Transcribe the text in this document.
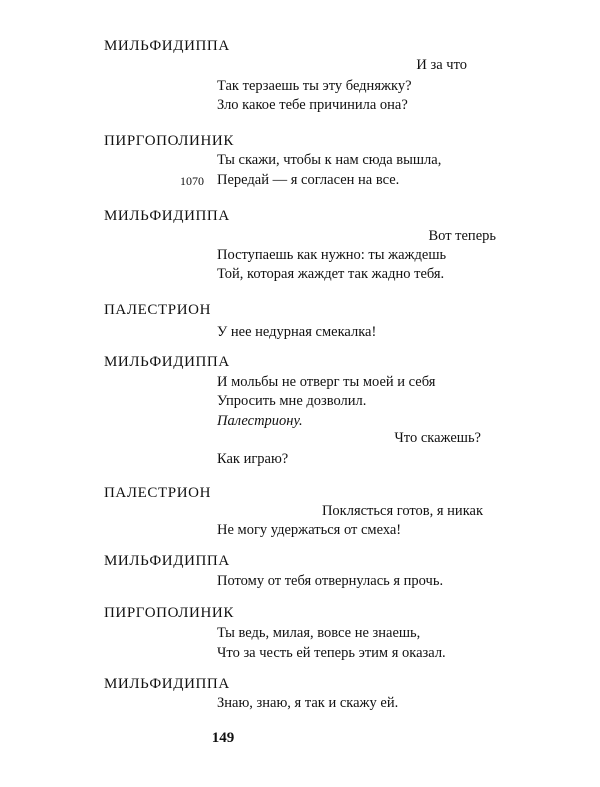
МИЛЬФИДИППА
И за что
Так терзаешь ты эту бедняжку?
Зло какое тебе причинила она?
ПИРГОПОЛИНИК
Ты скажи, чтобы к нам сюда вышла,
1070 Передай — я согласен на все.
МИЛЬФИДИППА
Вот теперь
Поступаешь как нужно: ты жаждешь
Той, которая жаждет так жадно тебя.
ПАЛЕСТРИОН
У нее недурная смекалка!
МИЛЬФИДИППА
И мольбы не отверг ты моей и себя
Упросить мне дозволил.
Палестриону.
Что скажешь?
Как играю?
ПАЛЕСТРИОН
Поклясться готов, я никак
Не могу удержаться от смеха!
МИЛЬФИДИППА
Потому от тебя отвернулась я прочь.
ПИРГОПОЛИНИК
Ты ведь, милая, вовсе не знаешь,
Что за честь ей теперь этим я оказал.
МИЛЬФИДИППА
Знаю, знаю, я так и скажу ей.
149
